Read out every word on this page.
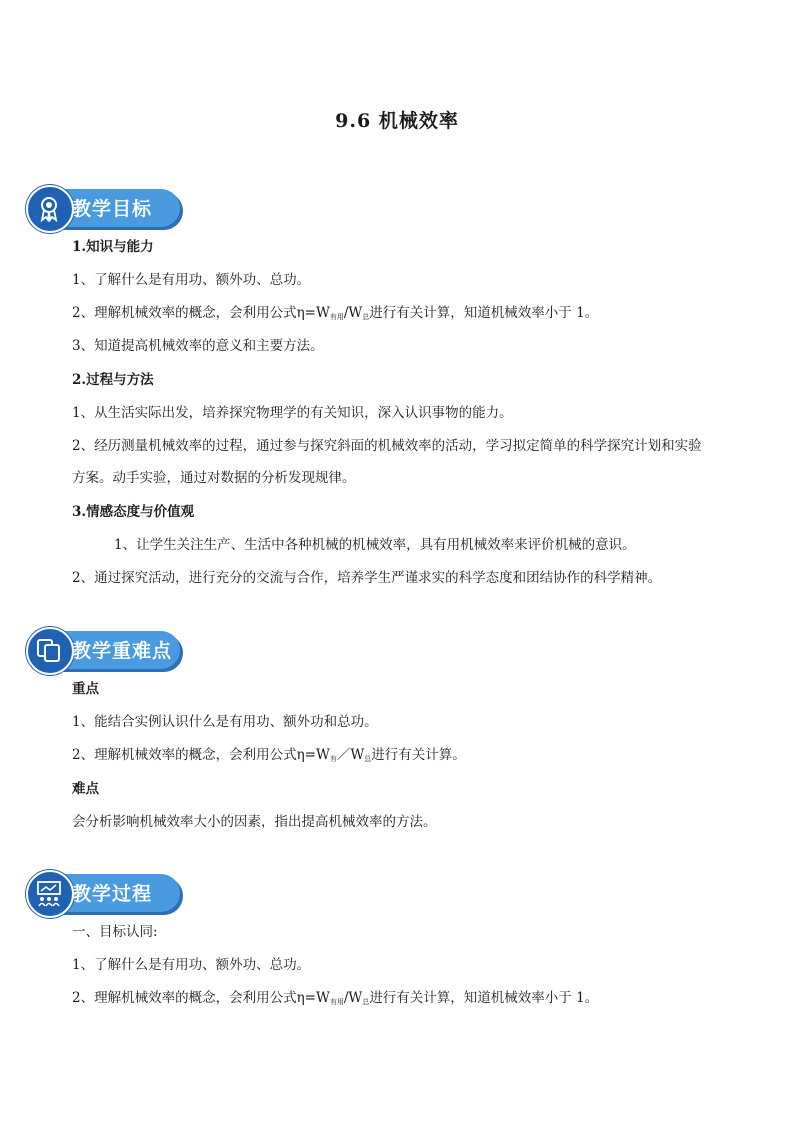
9.6 机械效率
教学目标
1.知识与能力
1、了解什么是有用功、额外功、总功。
2、理解机械效率的概念，会利用公式$\eta=W_{有用}/W_总$进行有关计算，知道机械效率小于 1。
3、知道提高机械效率的意义和主要方法。
2.过程与方法
1、从生活实际出发，培养探究物理学的有关知识，深入认识事物的能力。
2、经历测量机械效率的过程，通过参与探究斜面的机械效率的活动，学习拟定简单的科学探究计划和实验
方案。动手实验，通过对数据的分析发现规律。
3.情感态度与价值观
1、让学生关注生产、生活中各种机械的机械效率，具有用机械效率来评价机械的意识。
2、通过探究活动，进行充分的交流与合作，培养学生严谨求实的科学态度和团结协作的科学精神。
教学重难点
重点
1、能结合实例认识什么是有用功、额外功和总功。
2、理解机械效率的概念，会利用公式$\eta=W_有/W_总$进行有关计算。
难点
会分析影响机械效率大小的因素，指出提高机械效率的方法。
教学过程
一、目标认同:
1、了解什么是有用功、额外功、总功。
2、理解机械效率的概念，会利用公式$\eta=W_{有用}/W_总$进行有关计算，知道机械效率小于 1。
